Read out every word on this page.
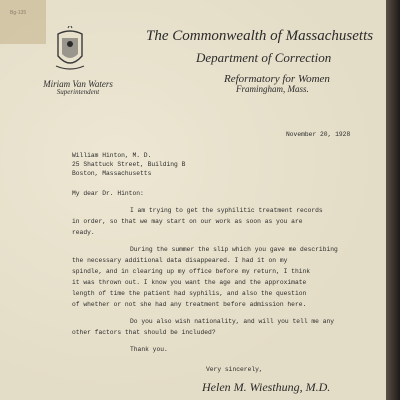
Bg-135
Miriam Van Waters
Superintendent
The Commonwealth of Massachusetts
Department of Correction
Reformatory for Women
Framingham, Mass.
November 20, 1928
William Hinton, M. D.
25 Shattuck Street, Building B
Boston, Massachusetts
My dear Dr. Hinton:
I am trying to get the syphilitic treatment records
in order, so that we may start on our work as soon as you are
ready.
During the summer the slip which you gave me describing
the necessary additional data disappeared. I had it on my
spindle, and in clearing up my office before my return, I think
it was thrown out. I know you want the age and the approximate
length of time the patient had syphilis, and also the question
of whether or not she had any treatment before admission here.
Do you also wish nationality, and will you tell me any
other factors that should be included?
Thank you.
Very sincerely,
Helen M. Wiesthung, M.D.
